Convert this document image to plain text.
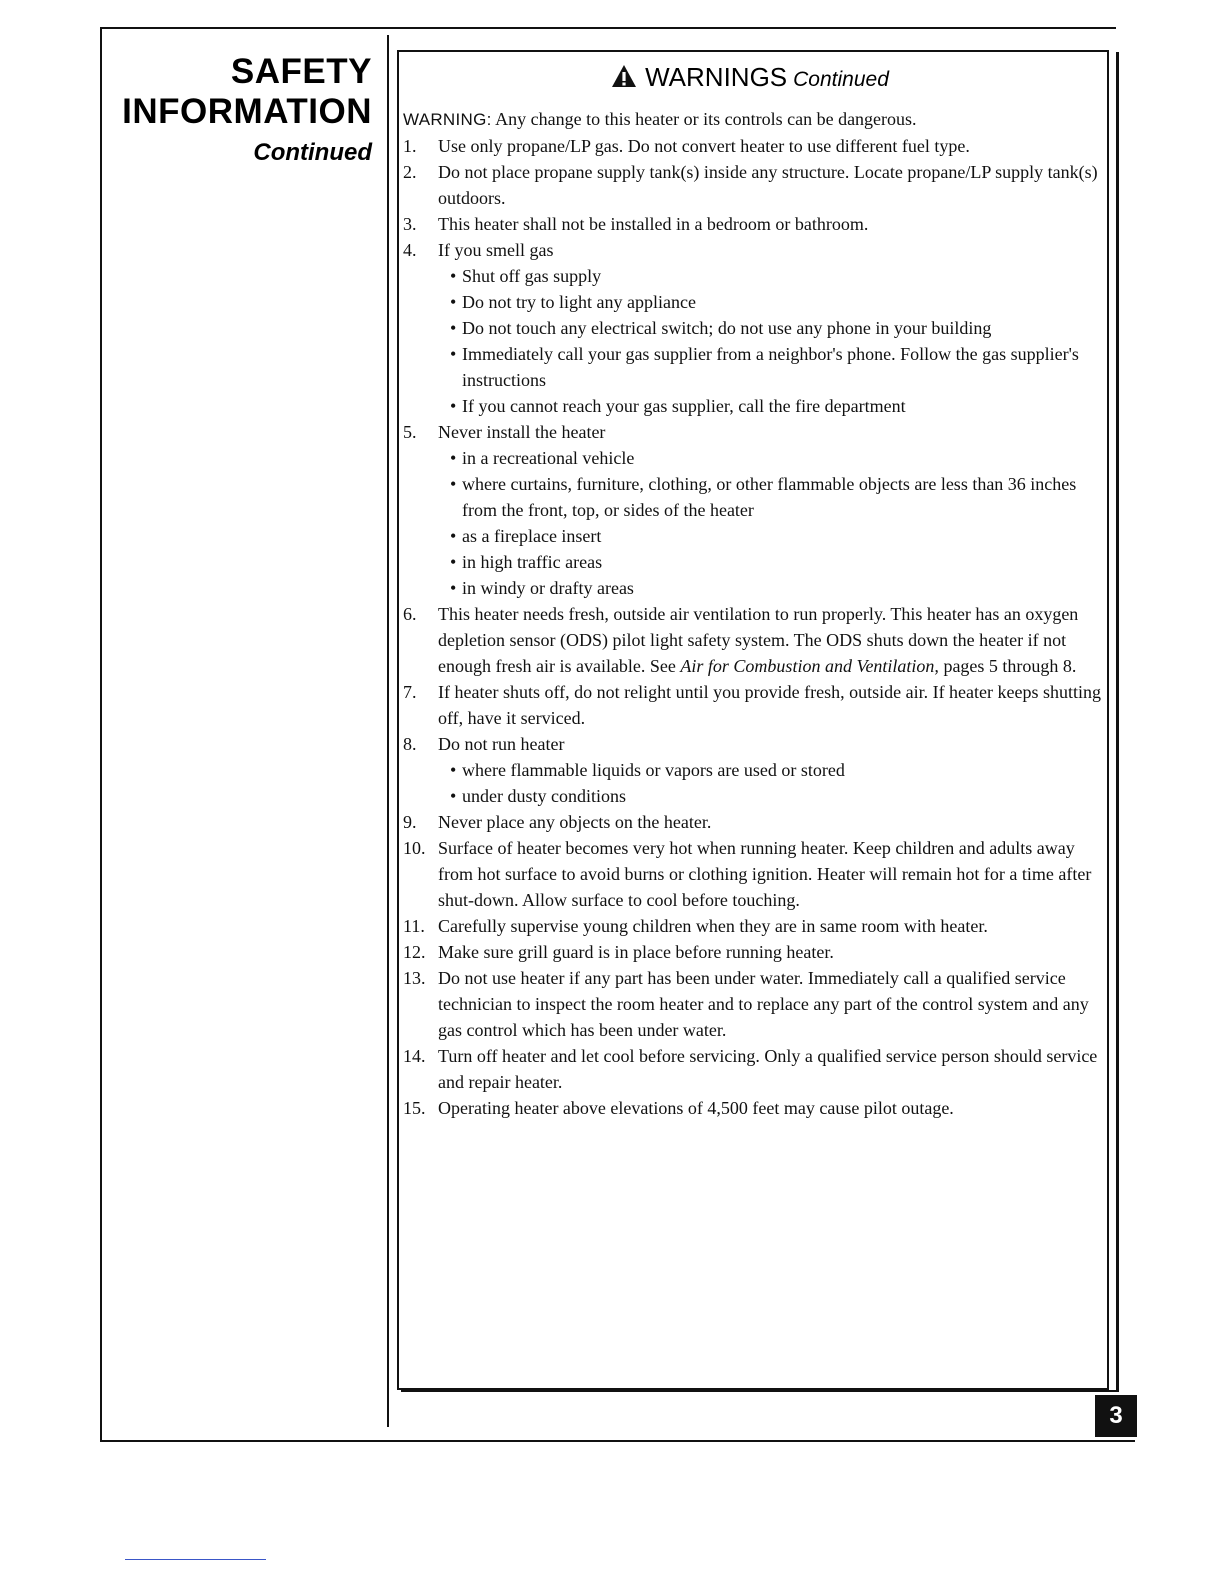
SAFETY
INFORMATION
Continued
WARNINGS Continued
WARNING: Any change to this heater or its controls can be dangerous.
1.	Use only propane/LP gas. Do not convert heater to use different fuel type.
2.	Do not place propane supply tank(s) inside any structure. Locate propane/LP supply tank(s) outdoors.
3.	This heater shall not be installed in a bedroom or bathroom.
4.	If you smell gas
• Shut off gas supply
• Do not try to light any appliance
• Do not touch any electrical switch; do not use any phone in your building
• Immediately call your gas supplier from a neighbor's phone. Follow the gas supplier's instructions
• If you cannot reach your gas supplier, call the fire department
5.	Never install the heater
• in a recreational vehicle
• where curtains, furniture, clothing, or other flammable objects are less than 36 inches from the front, top, or sides of the heater
• as a fireplace insert
• in high traffic areas
• in windy or drafty areas
6.	This heater needs fresh, outside air ventilation to run properly. This heater has an oxygen depletion sensor (ODS) pilot light safety system. The ODS shuts down the heater if not enough fresh air is available. See Air for Combustion and Ventilation, pages 5 through 8.
7.	If heater shuts off, do not relight until you provide fresh, outside air. If heater keeps shutting off, have it serviced.
8.	Do not run heater
• where flammable liquids or vapors are used or stored
• under dusty conditions
9.	Never place any objects on the heater.
10. Surface of heater becomes very hot when running heater. Keep children and adults away from hot surface to avoid burns or clothing ignition. Heater will remain hot for a time after shut-down. Allow surface to cool before touching.
11. Carefully supervise young children when they are in same room with heater.
12. Make sure grill guard is in place before running heater.
13. Do not use heater if any part has been under water. Immediately call a qualified service technician to inspect the room heater and to replace any part of the control system and any gas control which has been under water.
14. Turn off heater and let cool before servicing. Only a qualified service person should service and repair heater.
15. Operating heater above elevations of 4,500 feet may cause pilot outage.
3
